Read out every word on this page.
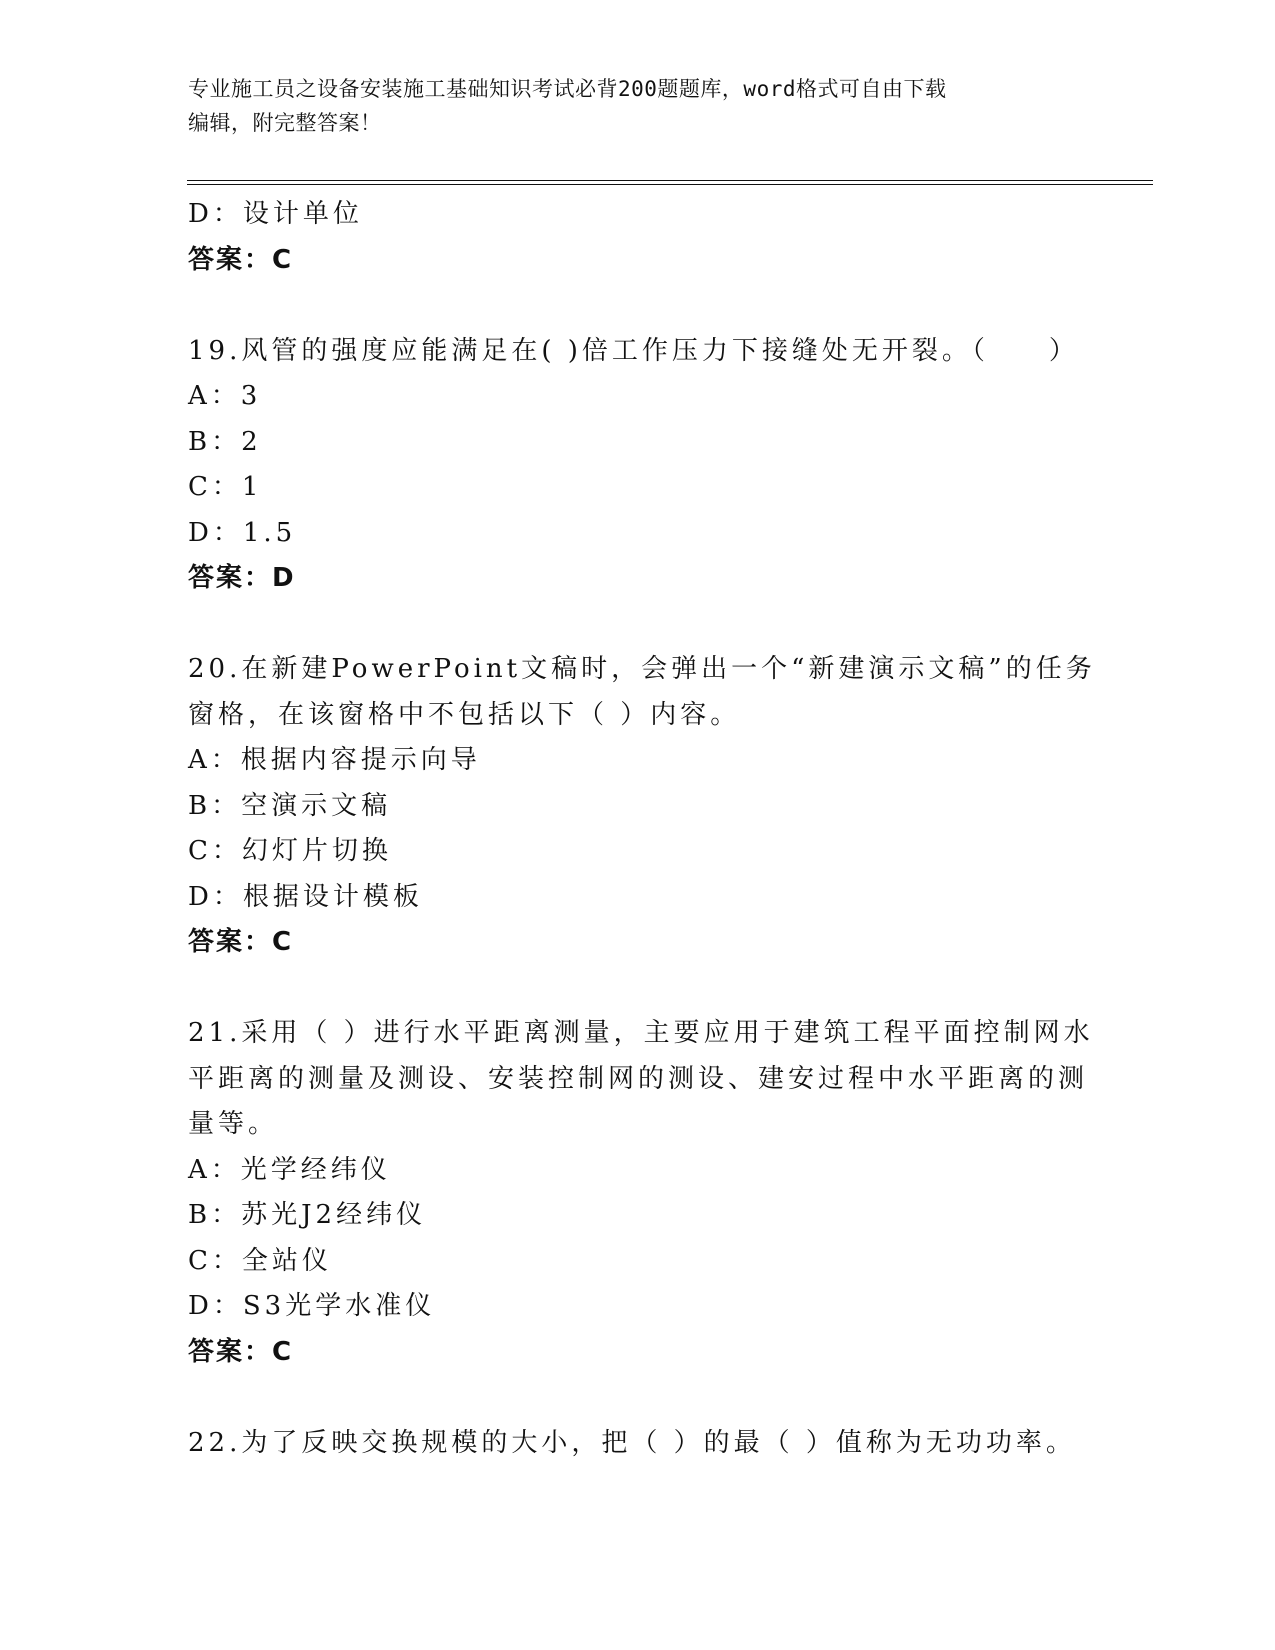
专业施工员之设备安装施工基础知识考试必背200题题库，word格式可自由下载
编辑，附完整答案！
D：设计单位
答案：C
19.风管的强度应能满足在( )倍工作压力下接缝处无开裂。（　　）
A：3
B：2
C：1
D：1.5
答案：D
20.在新建PowerPoint文稿时，会弹出一个“新建演示文稿”的任务
窗格，在该窗格中不包括以下（ ）内容。
A：根据内容提示向导
B：空演示文稿
C：幻灯片切换
D：根据设计模板
答案：C
21.采用（ ）进行水平距离测量，主要应用于建筑工程平面控制网水
平距离的测量及测设、安装控制网的测设、建安过程中水平距离的测
量等。
A：光学经纬仪
B：苏光J2经纬仪
C：全站仪
D：S3光学水准仪
答案：C
22.为了反映交换规模的大小，把（ ）的最（ ）值称为无功功率。
